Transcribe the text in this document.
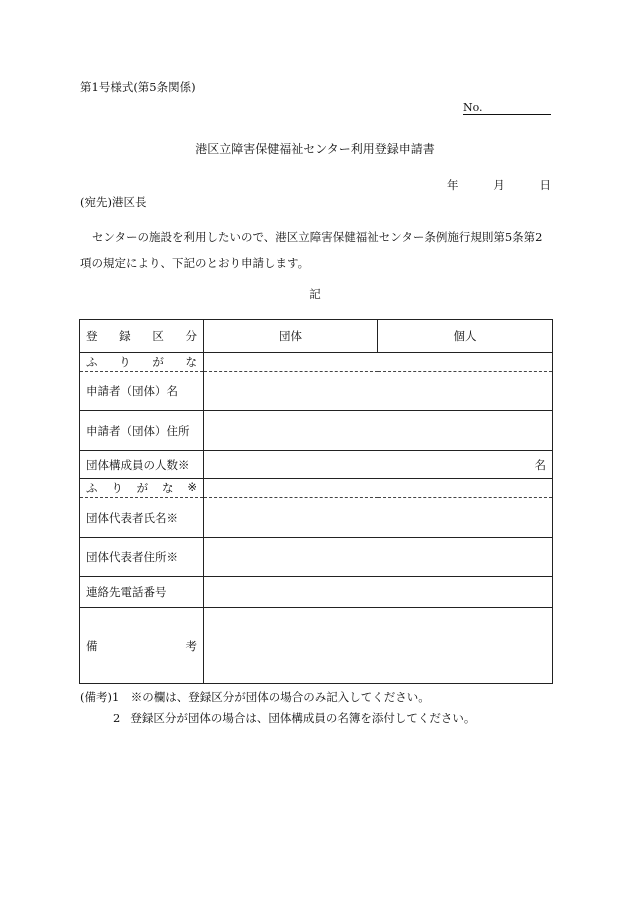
第1号様式(第5条関係)
No.
港区立障害保健福祉センター利用登録申請書
年	月	日
(宛先)港区長
センターの施設を利用したいので、港区立障害保健福祉センター条例施行規則第5条第2項の規定により、下記のとおり申請します。
記
登 録 区 分	団体	個人

ふ り が な		

申請者（団体）名		
申請者（団体）住所		
団体構成員の人数※	名	

ふ り が な ※		

団体代表者氏名※		
団体代表者住所※		
連絡先電話番号		

備 考		

(備考)1　※の欄は、登録区分が団体の場合のみ記入してください。
2 登録区分が団体の場合は、団体構成員の名簿を添付してください。
